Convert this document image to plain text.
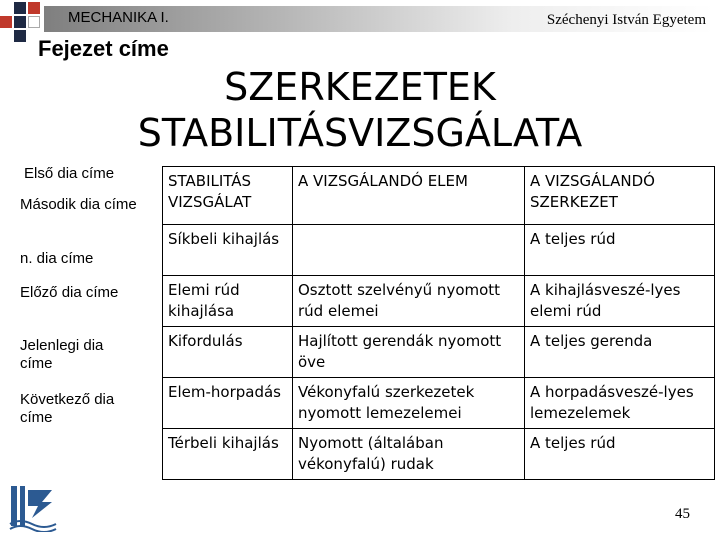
MECHANIKA I.	Széchenyi István Egyetem
Fejezet címe
SZERKEZETEK
STABILITÁSVIZSGÁLATA
Első dia címe
Második dia címe
n. dia címe
Előző dia címe
Jelenlegi dia címe
Következő dia címe
STABILITÁS VIZSGÁLAT	A VIZSGÁLANDÓ ELEM	A VIZSGÁLANDÓ SZERKEZET
Síkbeli kihajlás		A teljes rúd
Elemi rúd kihajlása	Osztott szelvényű nyomott rúd elemei	A kihajlásveszé-lyes elemi rúd
Kifordulás	Hajlított gerendák nyomott öve	A teljes gerenda
Elem-horpadás	Vékonyfalú szerkezetek nyomott lemezelemei	A horpadásveszé-lyes lemezelemek
Térbeli kihajlás	Nyomott (általában vékonyfalú) rudak	A teljes rúd
45
